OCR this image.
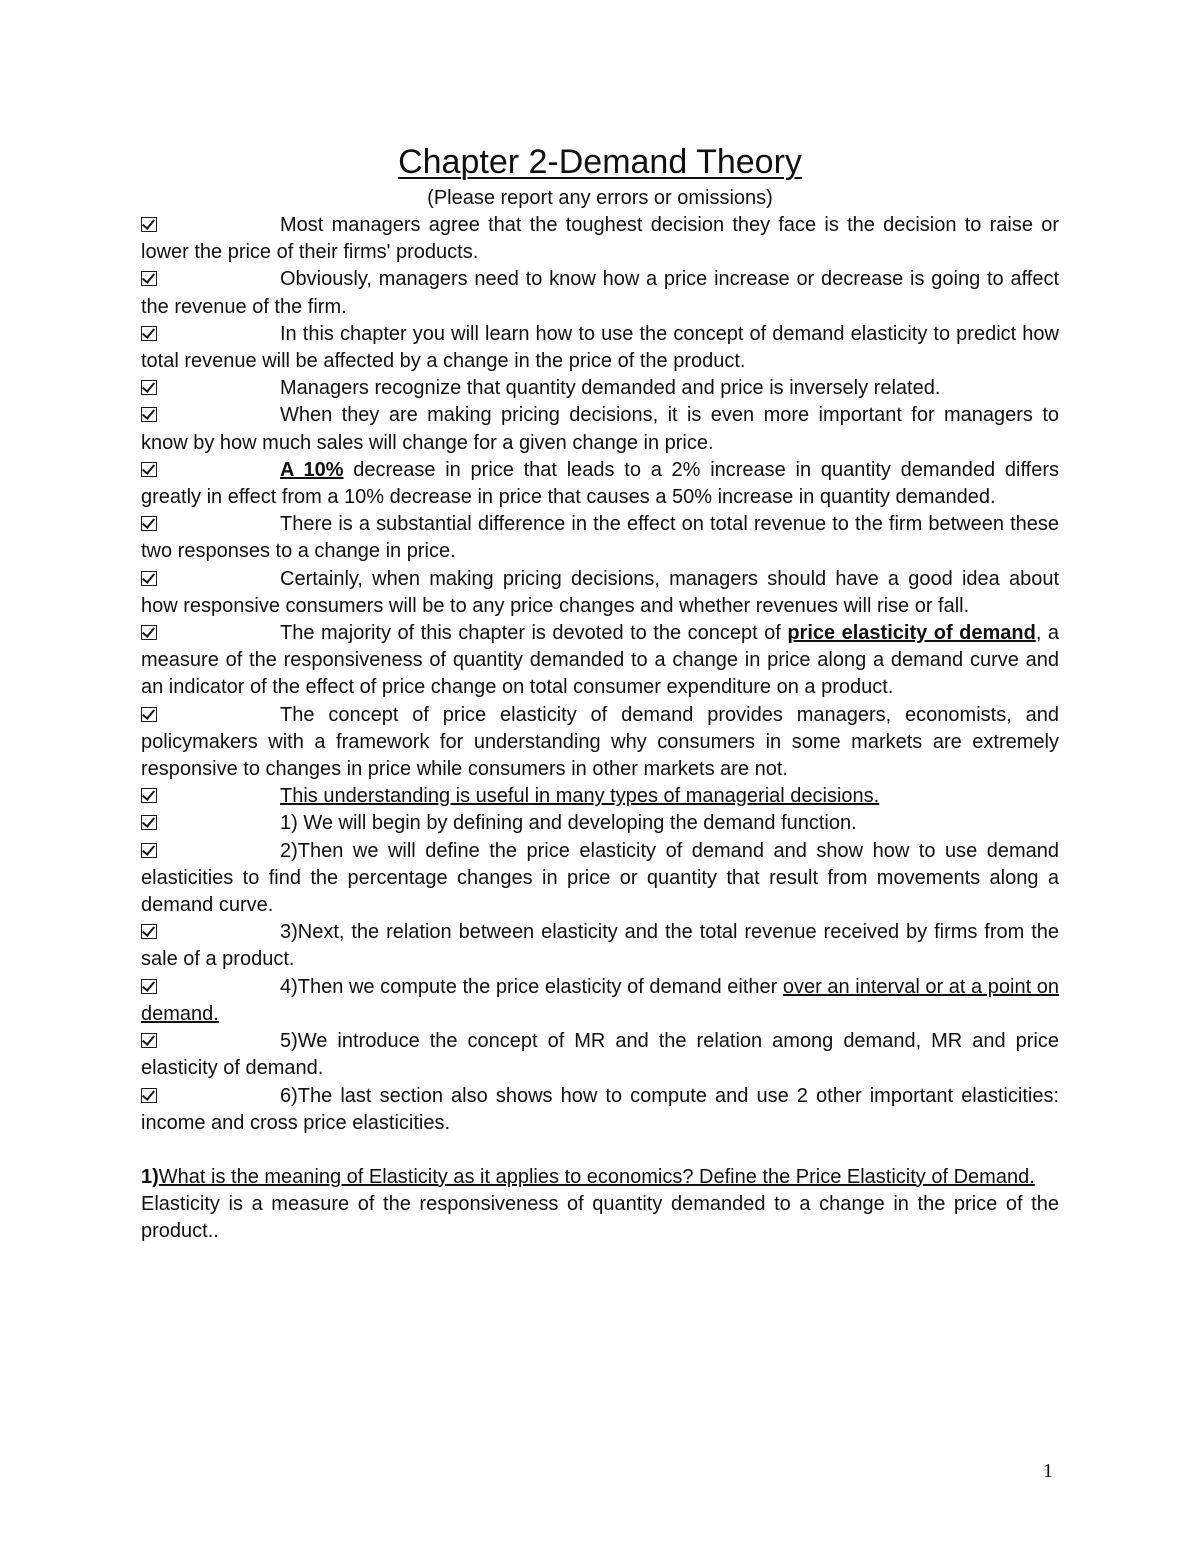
Chapter 2-Demand Theory
(Please report any errors or omissions)
Most managers agree that the toughest decision they face is the decision to raise or lower the price of their firms' products.
Obviously, managers need to know how a price increase or decrease is going to affect the revenue of the firm.
In this chapter you will learn how to use the concept of demand elasticity to predict how total revenue will be affected by a change in the price of the product.
Managers recognize that quantity demanded and price is inversely related.
When they are making pricing decisions, it is even more important for managers to know by how much sales will change for a given change in price.
A 10% decrease in price that leads to a 2% increase in quantity demanded differs greatly in effect from a 10% decrease in price that causes a 50% increase in quantity demanded.
There is a substantial difference in the effect on total revenue to the firm between these two responses to a change in price.
Certainly, when making pricing decisions, managers should have a good idea about how responsive consumers will be to any price changes and whether revenues will rise or fall.
The majority of this chapter is devoted to the concept of price elasticity of demand, a measure of the responsiveness of quantity demanded to a change in price along a demand curve and an indicator of the effect of price change on total consumer expenditure on a product.
The concept of price elasticity of demand provides managers, economists, and policymakers with a framework for understanding why consumers in some markets are extremely responsive to changes in price while consumers in other markets are not.
This understanding is useful in many types of managerial decisions.
1) We will begin by defining and developing the demand function.
2)Then we will define the price elasticity of demand and show how to use demand elasticities to find the percentage changes in price or quantity that result from movements along a demand curve.
3)Next, the relation between elasticity and the total revenue received by firms from the sale of a product.
4)Then we compute the price elasticity of demand either over an interval or at a point on demand.
5)We introduce the concept of MR and the relation among demand, MR and price elasticity of demand.
6)The last section also shows how to compute and use 2 other important elasticities: income and cross price elasticities.
1)What is the meaning of Elasticity as it applies to economics? Define the Price Elasticity of Demand.
Elasticity is a measure of the responsiveness of quantity demanded to a change in the price of the product..
1
